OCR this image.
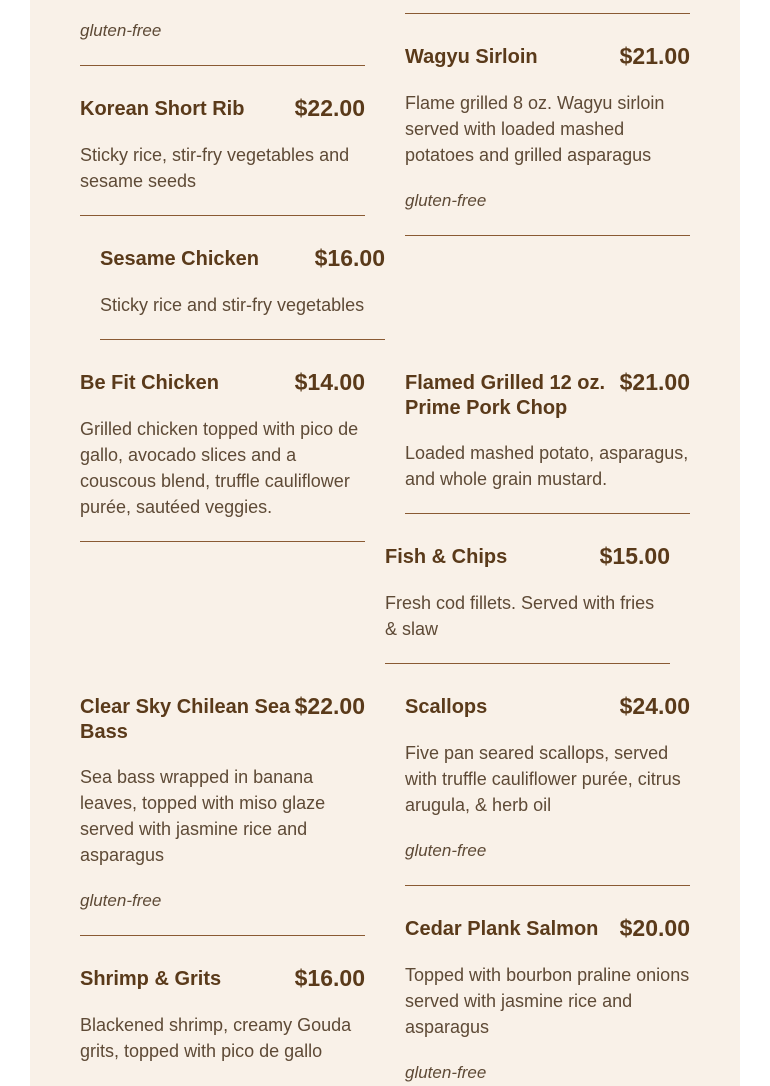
gluten-free

Korean Short Rib	$22.00

Sticky rice, stir-fry vegetables and sesame seeds

Sesame Chicken	$16.00

Sticky rice and stir-fry vegetables

Be Fit Chicken	$14.00

Grilled chicken topped with pico de gallo, avocado slices and a couscous blend, truffle cauliflower purée, sautéed veggies.

Clear Sky Chilean Sea Bass
$22.00

Sea bass wrapped in banana leaves, topped with miso glaze served with jasmine rice and asparagus

gluten-free

Shrimp & Grits	$16.00

Blackened shrimp, creamy Gouda grits, topped with pico de gallo

Wagyu Sirloin	$21.00

Flame grilled 8 oz. Wagyu sirloin served with loaded mashed potatoes and grilled asparagus

gluten-free

Flamed Grilled 12 oz. Prime Pork Chop
$21.00

Loaded mashed potato, asparagus, and whole grain mustard.

Fish & Chips	$15.00

Fresh cod fillets. Served with fries & slaw

Scallops	$24.00

Five pan seared scallops, served with truffle cauliflower purée, citrus arugula, & herb oil

gluten-free

Cedar Plank Salmon $20.00

Topped with bourbon praline onions served with jasmine rice and asparagus

gluten-free
